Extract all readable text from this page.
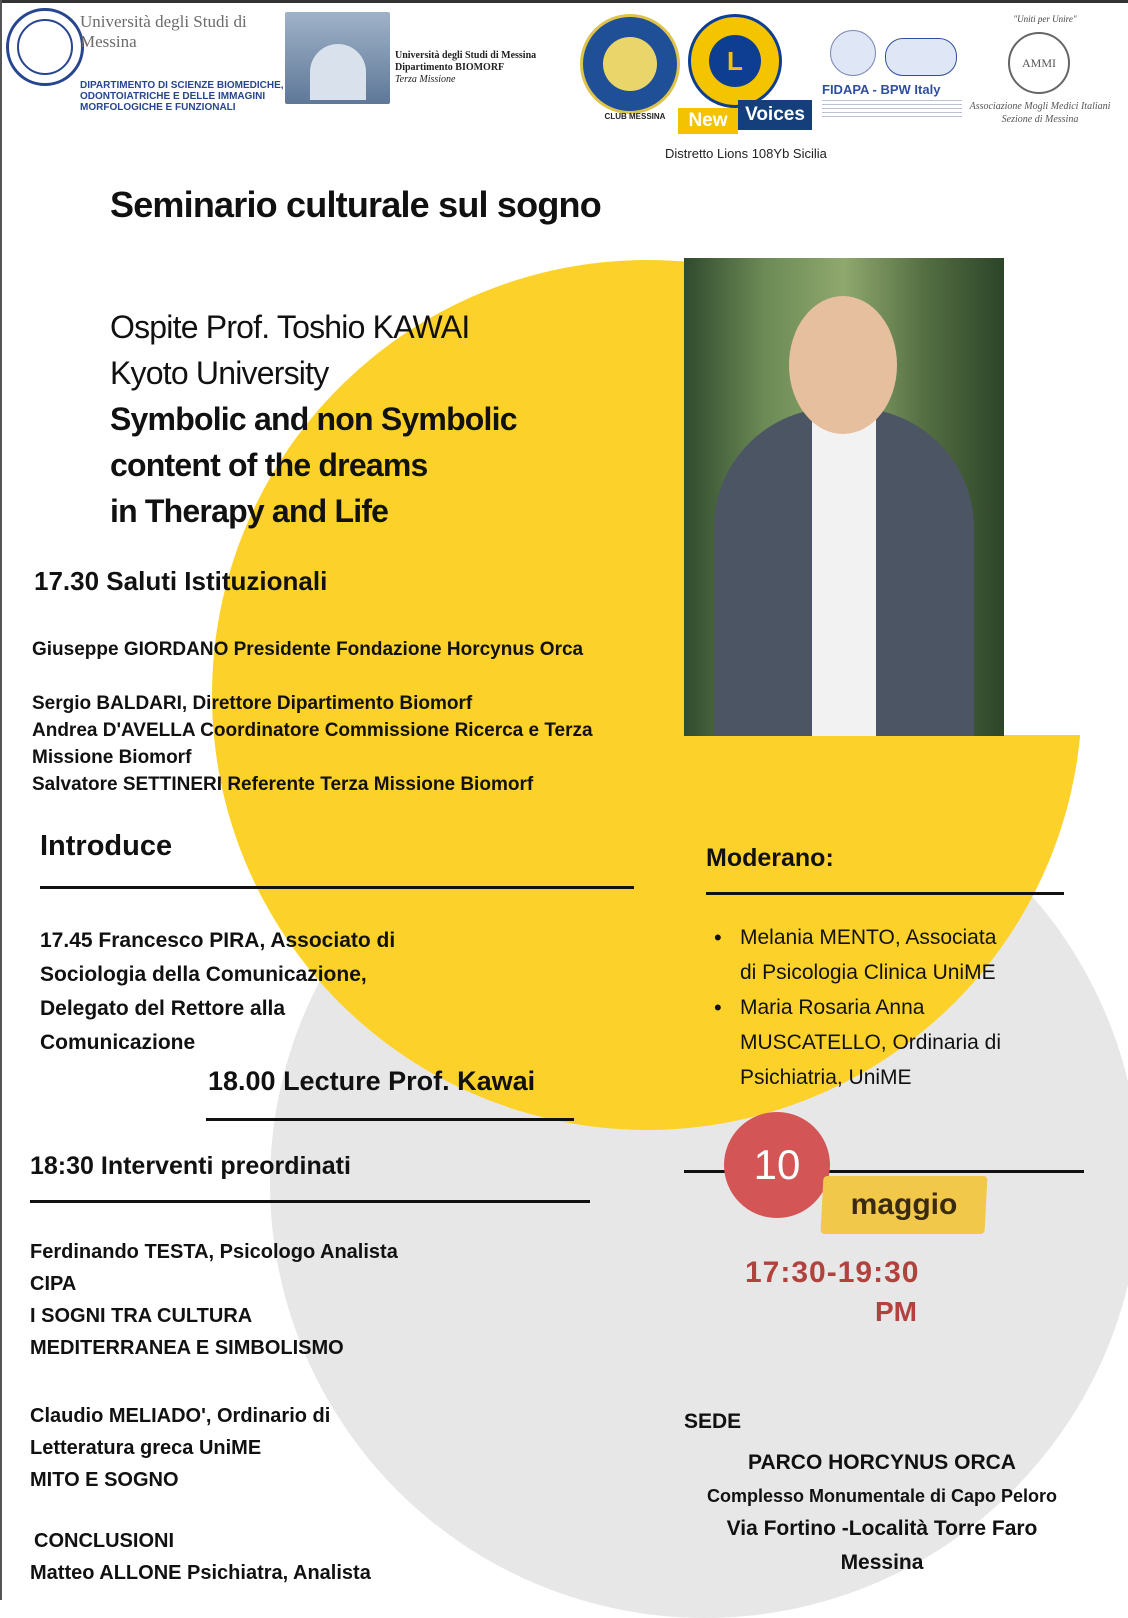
Università degli Studi di Messina
DIPARTIMENTO DI SCIENZE BIOMEDICHE, ODONTOIATRICHE E DELLE IMMAGINI MORFOLOGICHE E FUNZIONALI
Università degli Studi di Messina
Dipartimento BIOMORF
Terza Missione
CLUB MESSINA
L
New Voices
Distretto Lions 108Yb Sicilia
FIDAPA - BPW Italy
"Uniti per Unire"
AMMI
Associazione Mogli Medici Italiani Sezione di Messina
Seminario culturale sul sogno
Ospite Prof. Toshio KAWAI
Kyoto University
Symbolic and non Symbolic
content of the dreams
in Therapy and Life
17.30 Saluti Istituzionali
Giuseppe GIORDANO Presidente Fondazione Horcynus Orca
Sergio BALDARI, Direttore Dipartimento Biomorf
Andrea D'AVELLA Coordinatore Commissione Ricerca e Terza
Missione Biomorf
Salvatore SETTINERI Referente Terza Missione Biomorf
Introduce
17.45 Francesco PIRA, Associato di
Sociologia della Comunicazione,
Delegato del Rettore alla
Comunicazione
18.00 Lecture Prof. Kawai
18:30 Interventi preordinati
Ferdinando TESTA, Psicologo Analista
CIPA
I SOGNI TRA CULTURA
MEDITERRANEA E SIMBOLISMO
Claudio MELIADO', Ordinario di
Letteratura greca UniME
MITO E SOGNO
CONCLUSIONI
Matteo ALLONE Psichiatra, Analista
Moderano:
• Melania MENTO, Associata
di Psicologia Clinica UniME
• Maria Rosaria Anna
MUSCATELLO, Ordinaria di
Psichiatria, UniME
10
maggio
17:30-19:30
PM
SEDE
PARCO HORCYNUS ORCA
Complesso Monumentale di Capo Peloro
Via Fortino -Località Torre Faro
Messina
